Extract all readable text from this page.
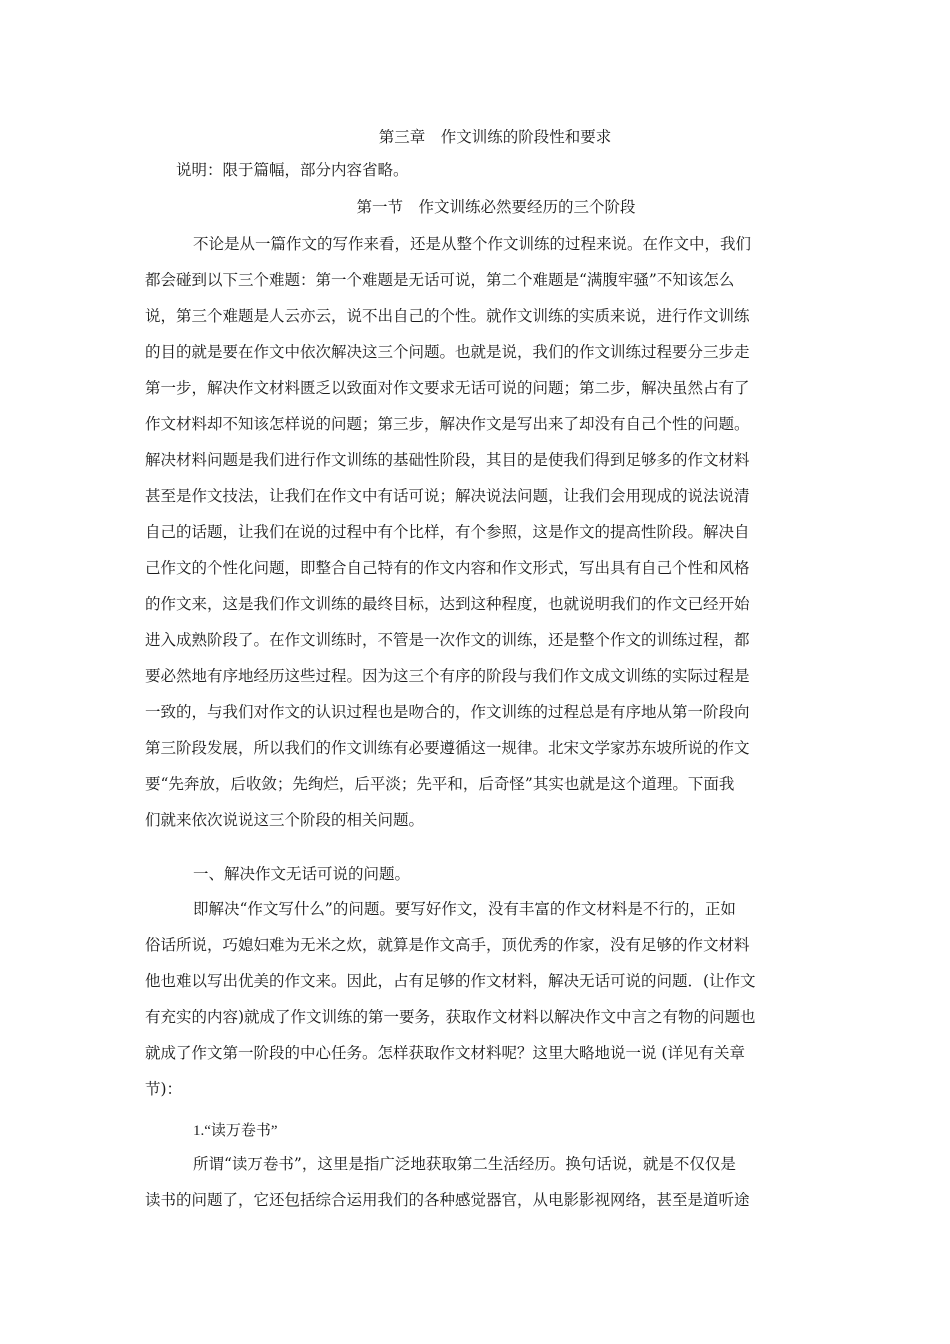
第三章　作文训练的阶段性和要求
说明：限于篇幅，部分内容省略。
第一节　作文训练必然要经历的三个阶段
不论是从一篇作文的写作来看，还是从整个作文训练的过程来说。在作文中，我们
都会碰到以下三个难题：第一个难题是无话可说，第二个难题是“满腹牢骚”不知该怎么
说，第三个难题是人云亦云，说不出自己的个性。就作文训练的实质来说，进行作文训练
的目的就是要在作文中依次解决这三个问题。也就是说，我们的作文训练过程要分三步走
第一步，解决作文材料匮乏以致面对作文要求无话可说的问题；第二步，解决虽然占有了
作文材料却不知该怎样说的问题；第三步，解决作文是写出来了却没有自己个性的问题。
解决材料问题是我们进行作文训练的基础性阶段，其目的是使我们得到足够多的作文材料
甚至是作文技法，让我们在作文中有话可说；解决说法问题，让我们会用现成的说法说清
自己的话题，让我们在说的过程中有个比样，有个参照，这是作文的提高性阶段。解决自
己作文的个性化问题，即整合自己特有的作文内容和作文形式，写出具有自己个性和风格
的作文来，这是我们作文训练的最终目标，达到这种程度，也就说明我们的作文已经开始
进入成熟阶段了。在作文训练时，不管是一次作文的训练，还是整个作文的训练过程，都
要必然地有序地经历这些过程。因为这三个有序的阶段与我们作文成文训练的实际过程是
一致的，与我们对作文的认识过程也是吻合的，作文训练的过程总是有序地从第一阶段向
第三阶段发展，所以我们的作文训练有必要遵循这一规律。北宋文学家苏东坡所说的作文
要“先奔放，后收敛；先绚烂，后平淡；先平和，后奇怪”其实也就是这个道理。下面我
们就来依次说说这三个阶段的相关问题。
一、解决作文无话可说的问题。
即解决“作文写什么”的问题。要写好作文，没有丰富的作文材料是不行的，正如
俗话所说，巧媳妇难为无米之炊，就算是作文高手，顶优秀的作家，没有足够的作文材料
他也难以写出优美的作文来。因此，占有足够的作文材料，解决无话可说的问题．(让作文
有充实的内容)就成了作文训练的第一要务，获取作文材料以解决作文中言之有物的问题也
就成了作文第一阶段的中心任务。怎样获取作文材料呢？这里大略地说一说 (详见有关章
节)：
1.“读万卷书”
所谓“读万卷书”，这里是指广泛地获取第二生活经历。换句话说，就是不仅仅是
读书的问题了，它还包括综合运用我们的各种感觉器官，从电影影视网络，甚至是道听途
